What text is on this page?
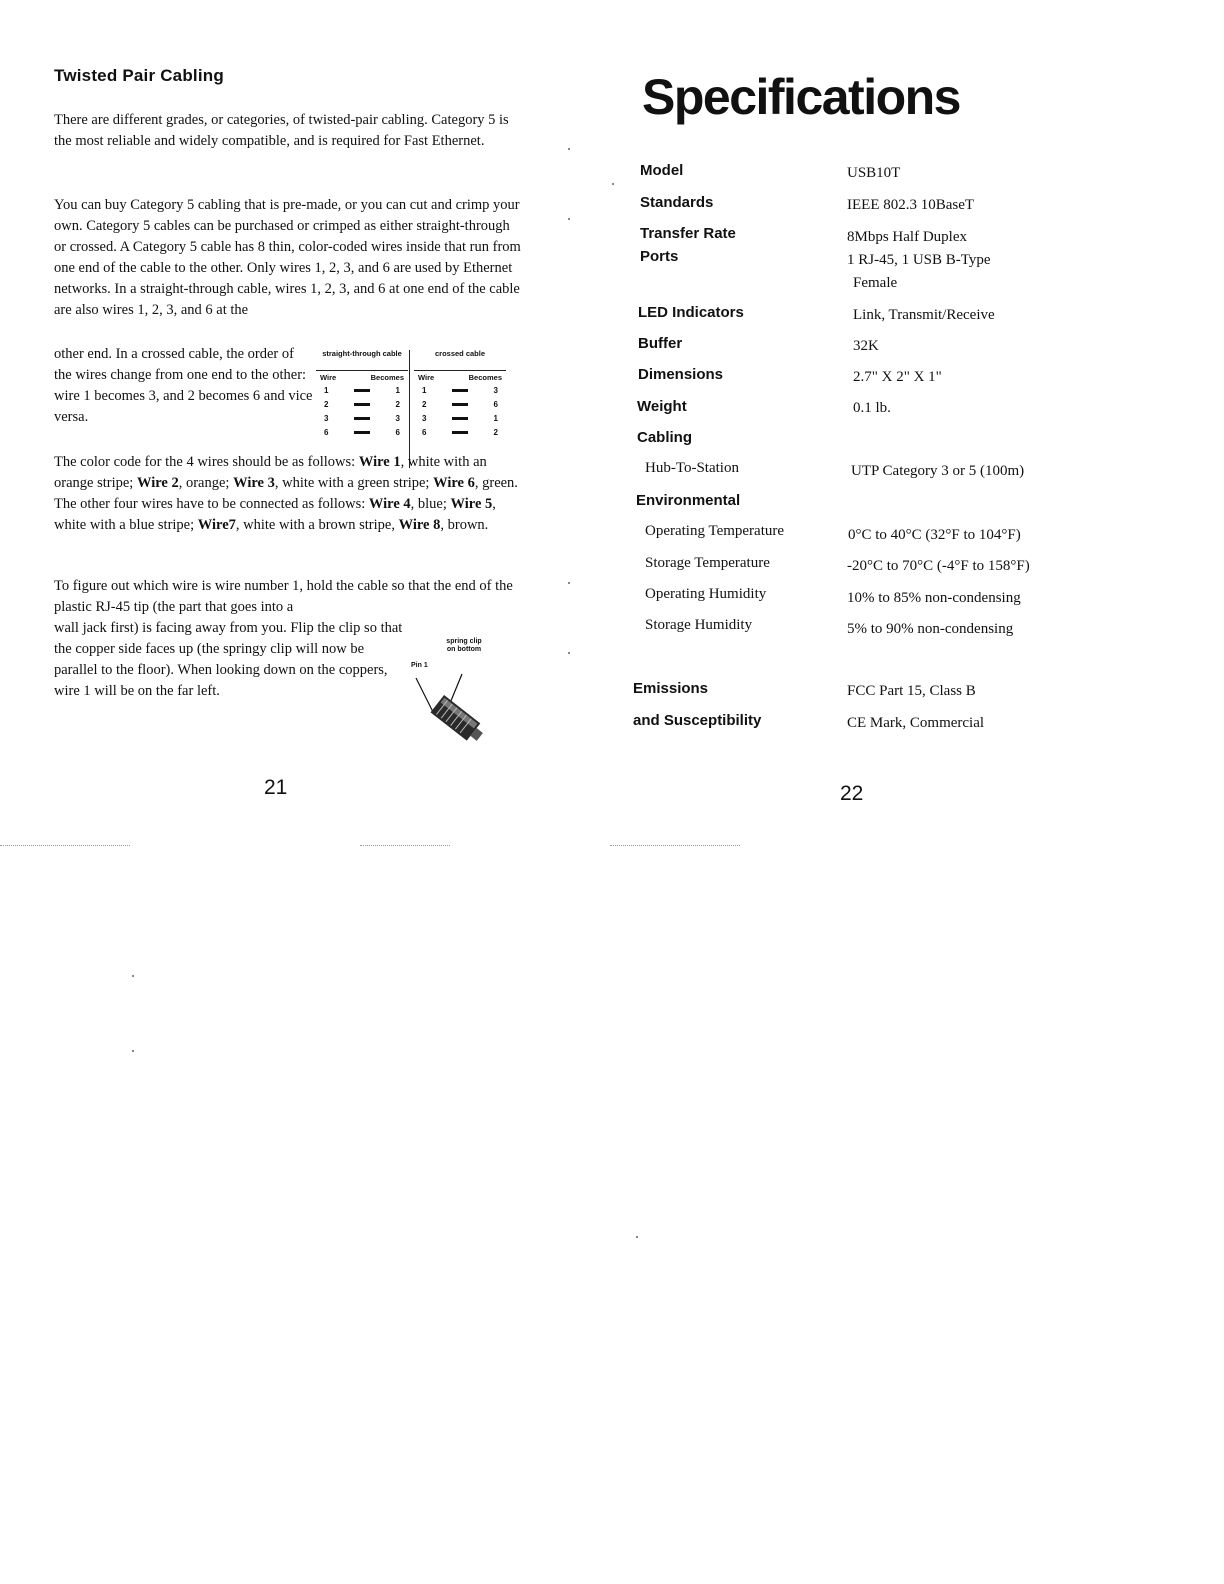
Twisted Pair Cabling
There are different grades, or categories, of twisted-pair cabling. Category 5 is the most reliable and widely compatible, and is required for Fast Ethernet.
You can buy Category 5 cabling that is pre-made, or you can cut and crimp your own. Category 5 cables can be purchased or crimped as either straight-through or crossed. A Category 5 cable has 8 thin, color-coded wires inside that run from one end of the cable to the other. Only wires 1, 2, 3, and 6 are used by Ethernet networks. In a straight-through cable, wires 1, 2, 3, and 6 at one end of the cable are also wires 1, 2, 3, and 6 at the
other end. In a crossed cable, the order of the wires change from one end to the other: wire 1 becomes 3, and 2 becomes 6 and vice versa.
straight-through cable
Wire	Becomes
1	1
2	2
3	3
6	6
crossed cable
Wire	Becomes
1	3
2	6
3	1
6	2
The color code for the 4 wires should be as follows: Wire 1, white with an orange stripe; Wire 2, orange; Wire 3, white with a green stripe; Wire 6, green. The other four wires have to be connected as follows: Wire 4, blue; Wire 5, white with a blue stripe; Wire7, white with a brown stripe, Wire 8, brown.
To figure out which wire is wire number 1, hold the cable so that the end of the plastic RJ-45 tip (the part that goes into a
wall jack first) is facing away from you. Flip the clip so that the copper side faces up (the springy clip will now be parallel to the floor). When looking down on the coppers, wire 1 will be on the far left.
spring clip on bottom
Pin 1
21
Specifications
Model	USB10T
Standards	IEEE 802.3 10BaseT
Transfer Rate	8Mbps Half Duplex
Ports	1 RJ-45, 1 USB B-Type
Female
LED Indicators	Link, Transmit/Receive
Buffer	32K
Dimensions	2.7" X 2" X 1"
Weight	0.1 lb.
Cabling
Hub-To-Station	UTP Category 3 or 5 (100m)
Environmental
Operating Temperature	0°C to 40°C (32°F to 104°F)
Storage Temperature	-20°C to 70°C (-4°F to 158°F)
Operating Humidity	10% to 85% non-condensing
Storage Humidity	5% to 90% non-condensing
Emissions	FCC Part 15, Class B
and Susceptibility	CE Mark, Commercial
22
